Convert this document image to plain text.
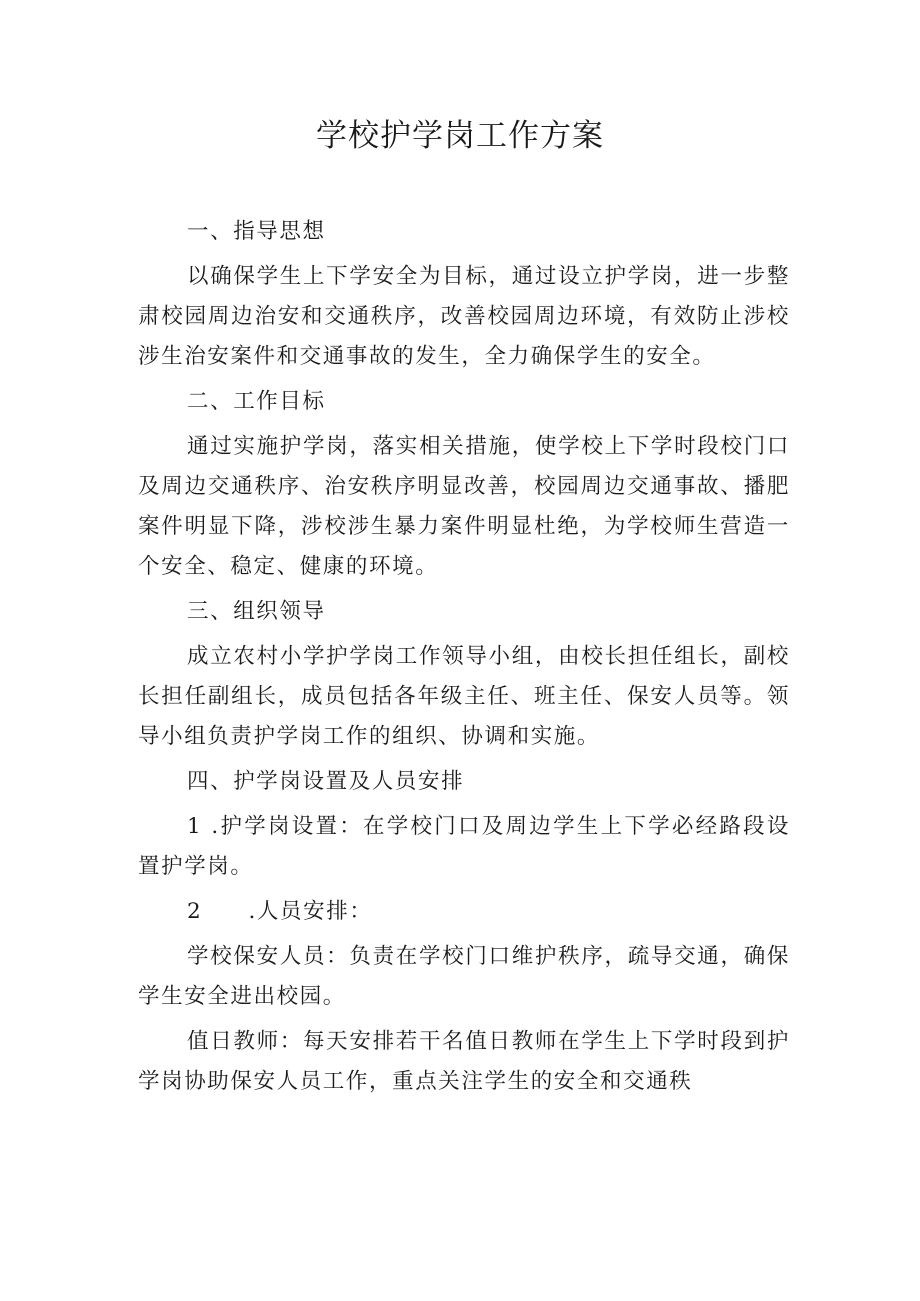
学校护学岗工作方案

一、指导思想

以确保学生上下学安全为目标，通过设立护学岗，进一步整肃校园周边治安和交通秩序，改善校园周边环境，有效防止涉校涉生治安案件和交通事故的发生，全力确保学生的安全。

二、工作目标

通过实施护学岗，落实相关措施，使学校上下学时段校门口及周边交通秩序、治安秩序明显改善，校园周边交通事故、播肥案件明显下降，涉校涉生暴力案件明显杜绝，为学校师生营造一个安全、稳定、健康的环境。

三、组织领导

成立农村小学护学岗工作领导小组，由校长担任组长，副校长担任副组长，成员包括各年级主任、班主任、保安人员等。领导小组负责护学岗工作的组织、协调和实施。

四、护学岗设置及人员安排

1 .护学岗设置：在学校门口及周边学生上下学必经路段设置护学岗。

2　　.人员安排：

学校保安人员：负责在学校门口维护秩序，疏导交通，确保学生安全进出校园。

值日教师：每天安排若干名值日教师在学生上下学时段到护学岗协助保安人员工作，重点关注学生的安全和交通秩
